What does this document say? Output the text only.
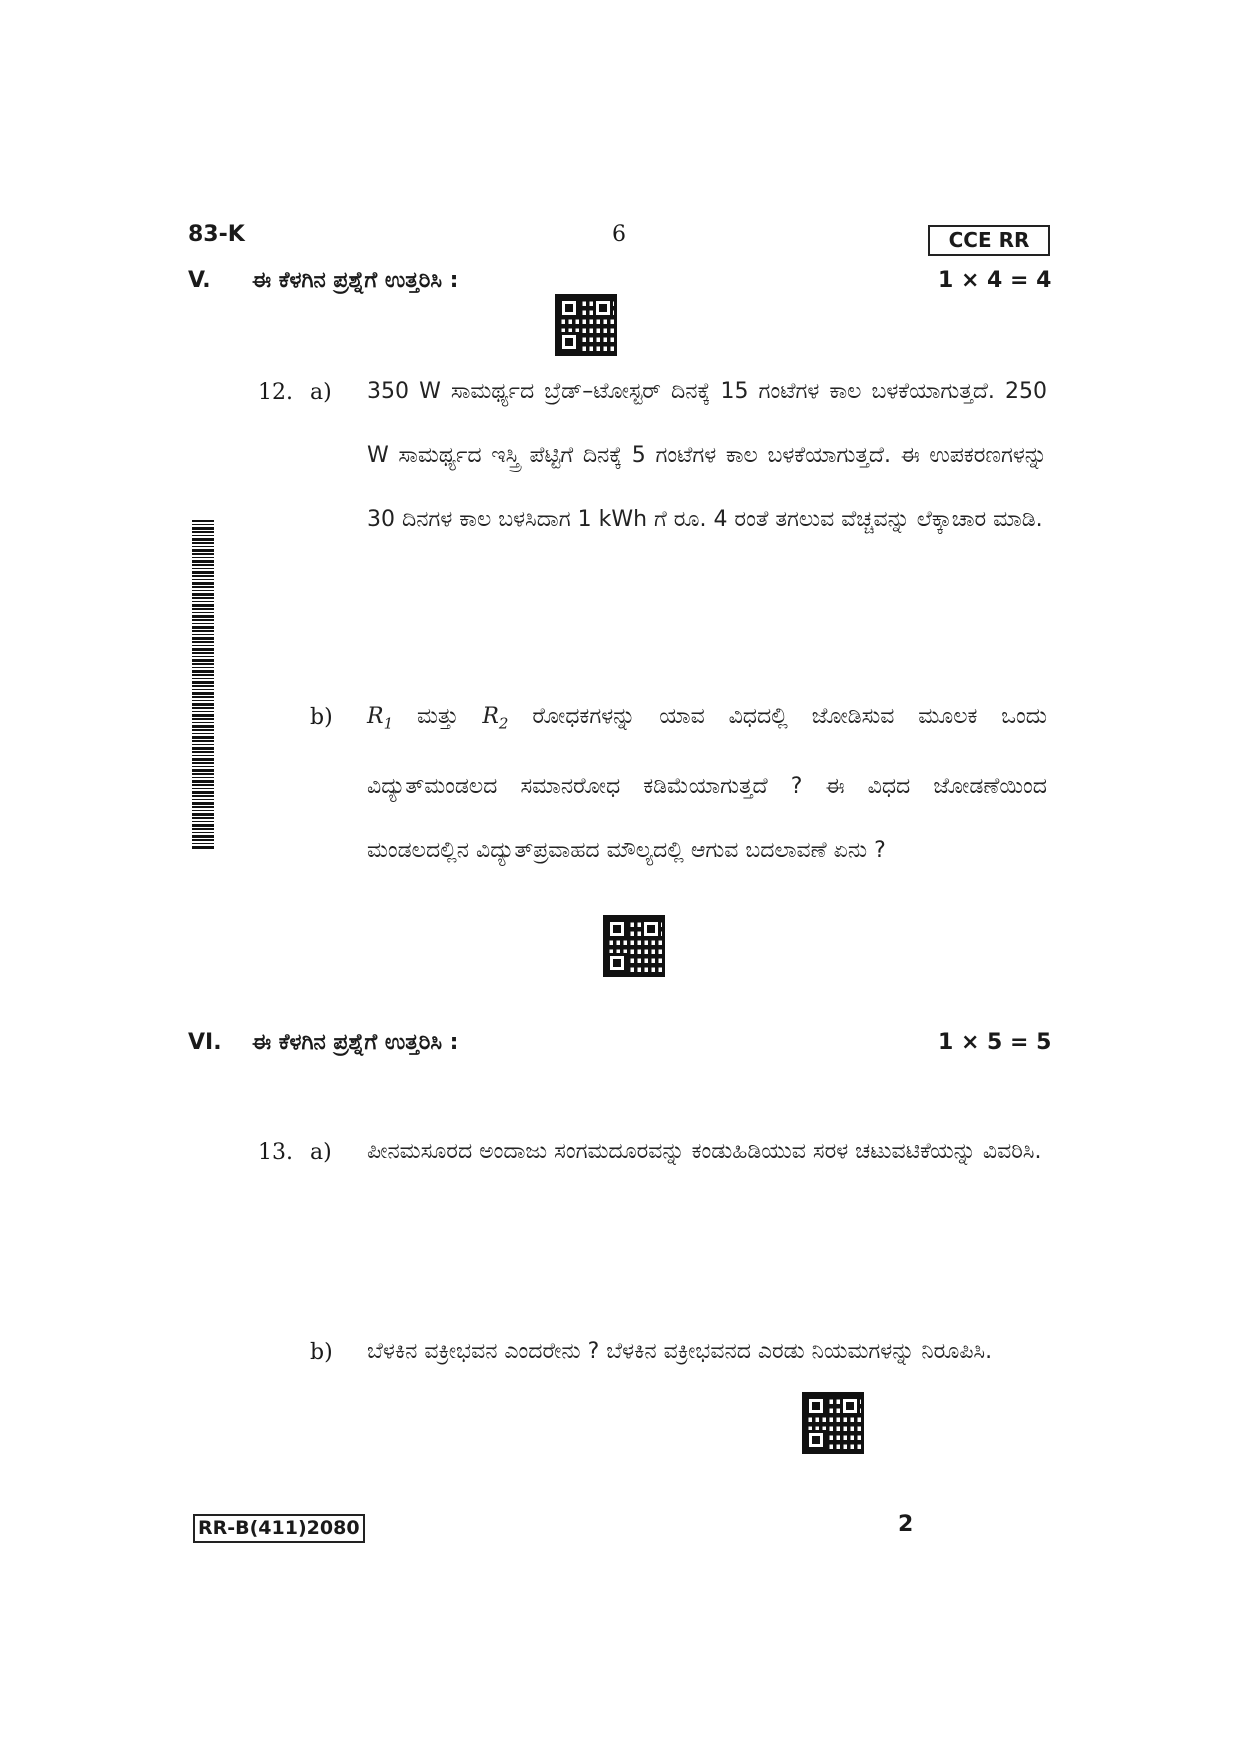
83-K	6	CCE RR
V. ಈ ಕೆಳಗಿನ ಪ್ರಶ್ನೆಗೆ ಉತ್ತರಿಸಿ :	1 × 4 = 4
12. a) 350 W ಸಾಮರ್ಥ್ಯದ ಬ್ರೆಡ್–ಟೋಸ್ಟರ್ ದಿನಕ್ಕೆ 15 ಗಂಟೆಗಳ ಕಾಲ ಬಳಕೆಯಾಗುತ್ತದೆ. 250 W ಸಾಮರ್ಥ್ಯದ ಇಸ್ತ್ರಿ ಪೆಟ್ಟಿಗೆ ದಿನಕ್ಕೆ 5 ಗಂಟೆಗಳ ಕಾಲ ಬಳಕೆಯಾಗುತ್ತದೆ. ಈ ಉಪಕರಣಗಳನ್ನು 30 ದಿನಗಳ ಕಾಲ ಬಳಸಿದಾಗ 1 kWh ಗೆ ರೂ. 4 ರಂತೆ ತಗಲುವ ವೆಚ್ಚವನ್ನು ಲೆಕ್ಕಾಚಾರ ಮಾಡಿ.
b) $R_1$ ಮತ್ತು $R_2$ ರೋಧಕಗಳನ್ನು ಯಾವ ವಿಧದಲ್ಲಿ ಜೋಡಿಸುವ ಮೂಲಕ ಒಂದು ವಿದ್ಯುತ್‌ಮಂಡಲದ ಸಮಾನರೋಧ ಕಡಿಮೆಯಾಗುತ್ತದೆ ? ಈ ವಿಧದ ಜೋಡಣೆಯಿಂದ ಮಂಡಲದಲ್ಲಿನ ವಿದ್ಯುತ್‌ಪ್ರವಾಹದ ಮೌಲ್ಯದಲ್ಲಿ ಆಗುವ ಬದಲಾವಣೆ ಏನು ?
VI. ಈ ಕೆಳಗಿನ ಪ್ರಶ್ನೆಗೆ ಉತ್ತರಿಸಿ :	1 × 5 = 5
13. a) ಪೀನಮಸೂರದ ಅಂದಾಜು ಸಂಗಮದೂರವನ್ನು ಕಂಡುಹಿಡಿಯುವ ಸರಳ ಚಟುವಟಿಕೆಯನ್ನು ವಿವರಿಸಿ.
b) ಬೆಳಕಿನ ವಕ್ರೀಭವನ ಎಂದರೇನು ? ಬೆಳಕಿನ ವಕ್ರೀಭವನದ ಎರಡು ನಿಯಮಗಳನ್ನು ನಿರೂಪಿಸಿ.
RR-B(411)2080	2
